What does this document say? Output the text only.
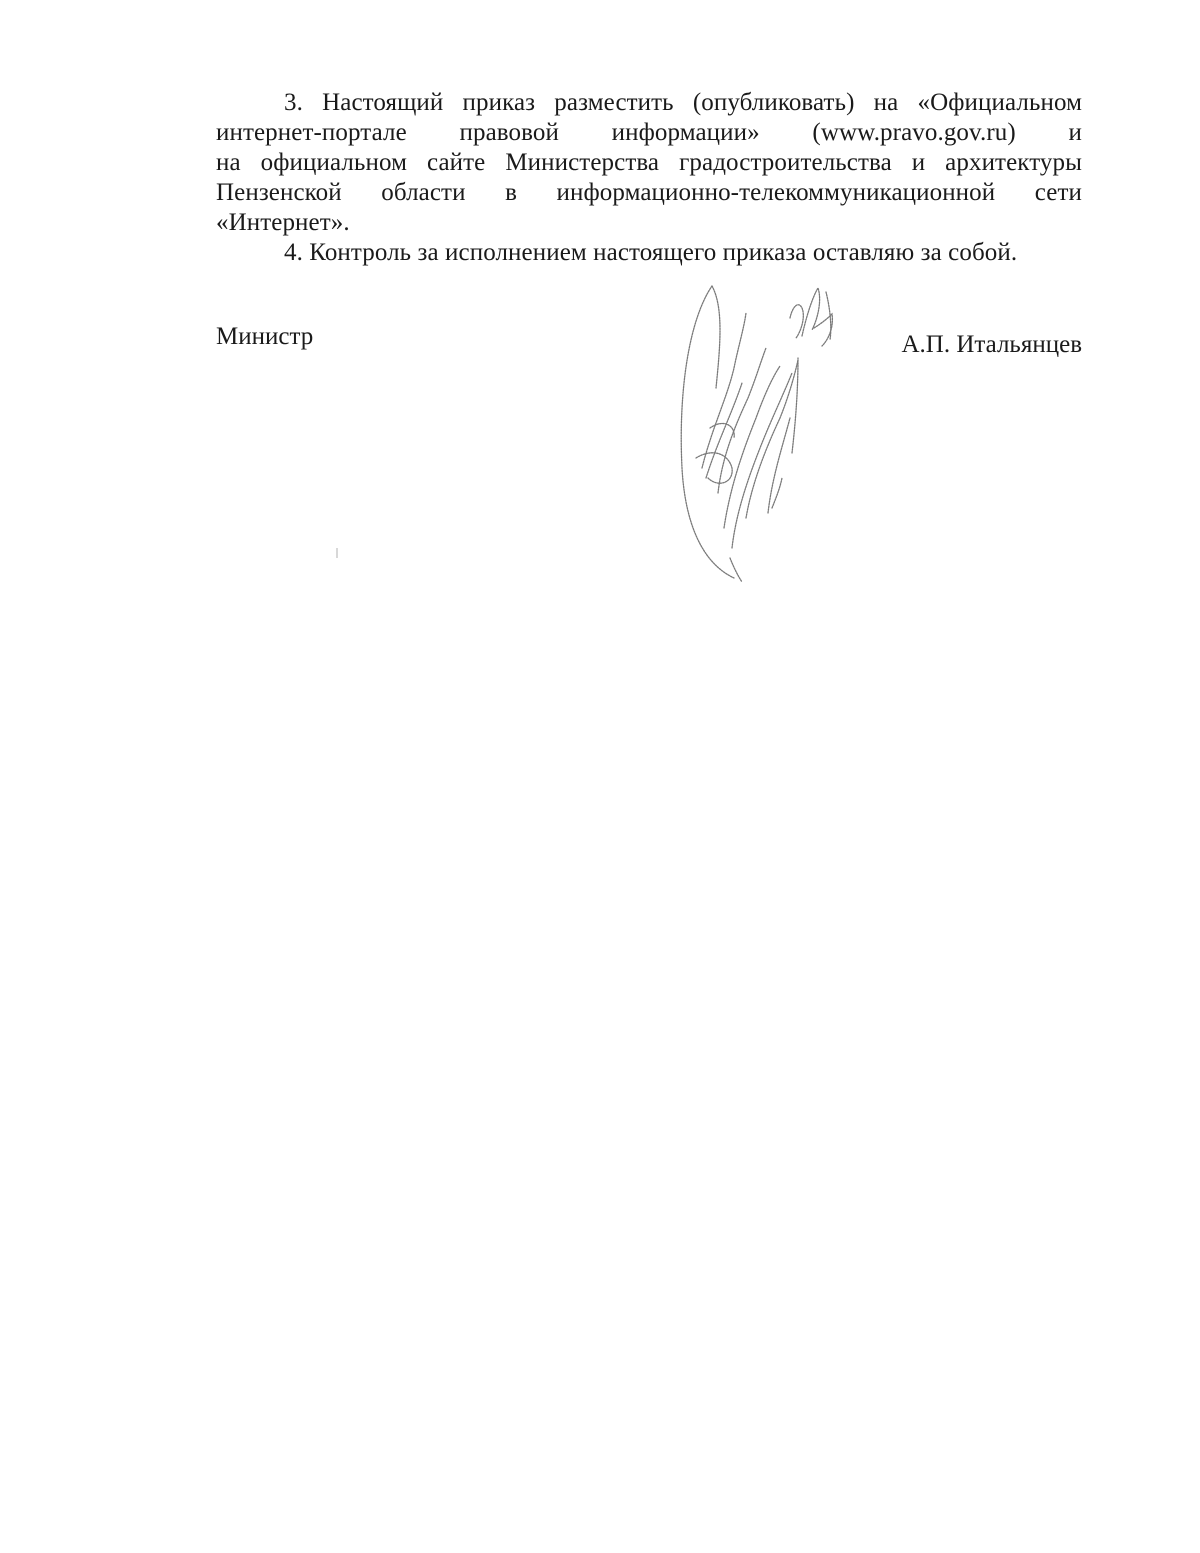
3. Настоящий приказ разместить (опубликовать) на «Официальном
интернет-портале правовой информации» (www.pravo.gov.ru) и
на официальном сайте Министерства градостроительства и архитектуры
Пензенской области в информационно-телекоммуникационной сети
«Интернет».

4. Контроль за исполнением настоящего приказа оставляю за собой.

Министр	А.П. Итальянцев
